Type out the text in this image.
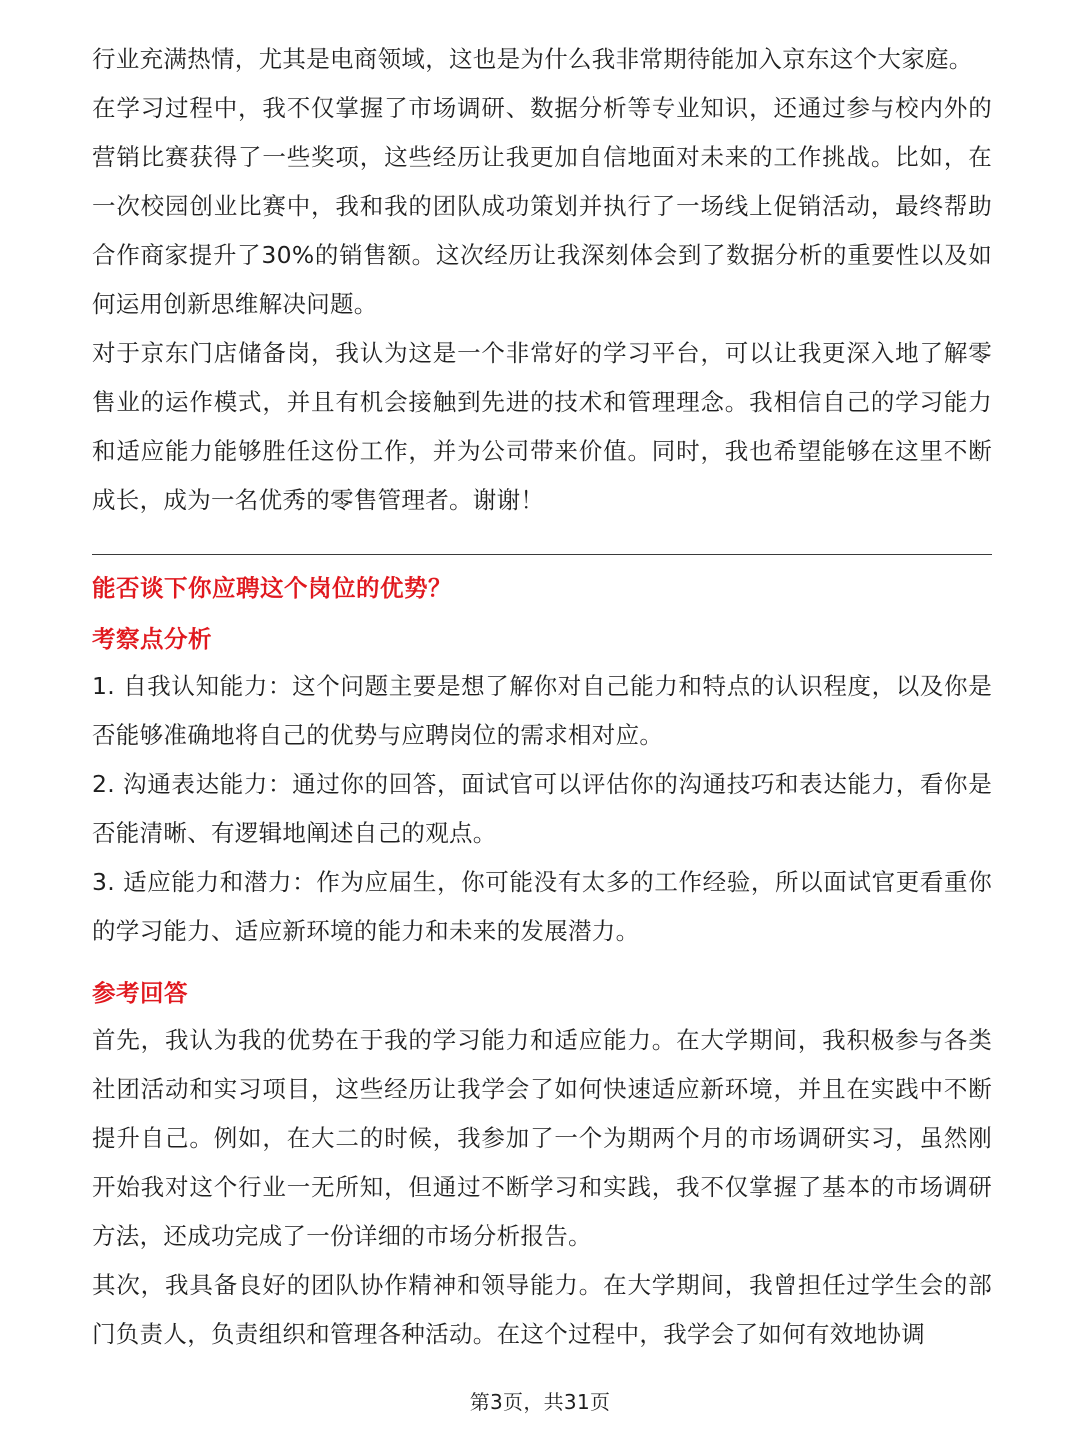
行业充满热情，尤其是电商领域，这也是为什么我非常期待能加入京东这个大家庭。

在学习过程中，我不仅掌握了市场调研、数据分析等专业知识，还通过参与校内外的营销比赛获得了一些奖项，这些经历让我更加自信地面对未来的工作挑战。比如，在一次校园创业比赛中，我和我的团队成功策划并执行了一场线上促销活动，最终帮助合作商家提升了30%的销售额。这次经历让我深刻体会到了数据分析的重要性以及如何运用创新思维解决问题。

对于京东门店储备岗，我认为这是一个非常好的学习平台，可以让我更深入地了解零售业的运作模式，并且有机会接触到先进的技术和管理理念。我相信自己的学习能力和适应能力能够胜任这份工作，并为公司带来价值。同时，我也希望能够在这里不断成长，成为一名优秀的零售管理者。谢谢！

能否谈下你应聘这个岗位的优势？

考察点分析

1. 自我认知能力：这个问题主要是想了解你对自己能力和特点的认识程度，以及你是否能够准确地将自己的优势与应聘岗位的需求相对应。

2. 沟通表达能力：通过你的回答，面试官可以评估你的沟通技巧和表达能力，看你是否能清晰、有逻辑地阐述自己的观点。

3. 适应能力和潜力：作为应届生，你可能没有太多的工作经验，所以面试官更看重你的学习能力、适应新环境的能力和未来的发展潜力。

参考回答

首先，我认为我的优势在于我的学习能力和适应能力。在大学期间，我积极参与各类社团活动和实习项目，这些经历让我学会了如何快速适应新环境，并且在实践中不断提升自己。例如，在大二的时候，我参加了一个为期两个月的市场调研实习，虽然刚开始我对这个行业一无所知，但通过不断学习和实践，我不仅掌握了基本的市场调研方法，还成功完成了一份详细的市场分析报告。

其次，我具备良好的团队协作精神和领导能力。在大学期间，我曾担任过学生会的部门负责人，负责组织和管理各种活动。在这个过程中，我学会了如何有效地协调

第3页，共31页
